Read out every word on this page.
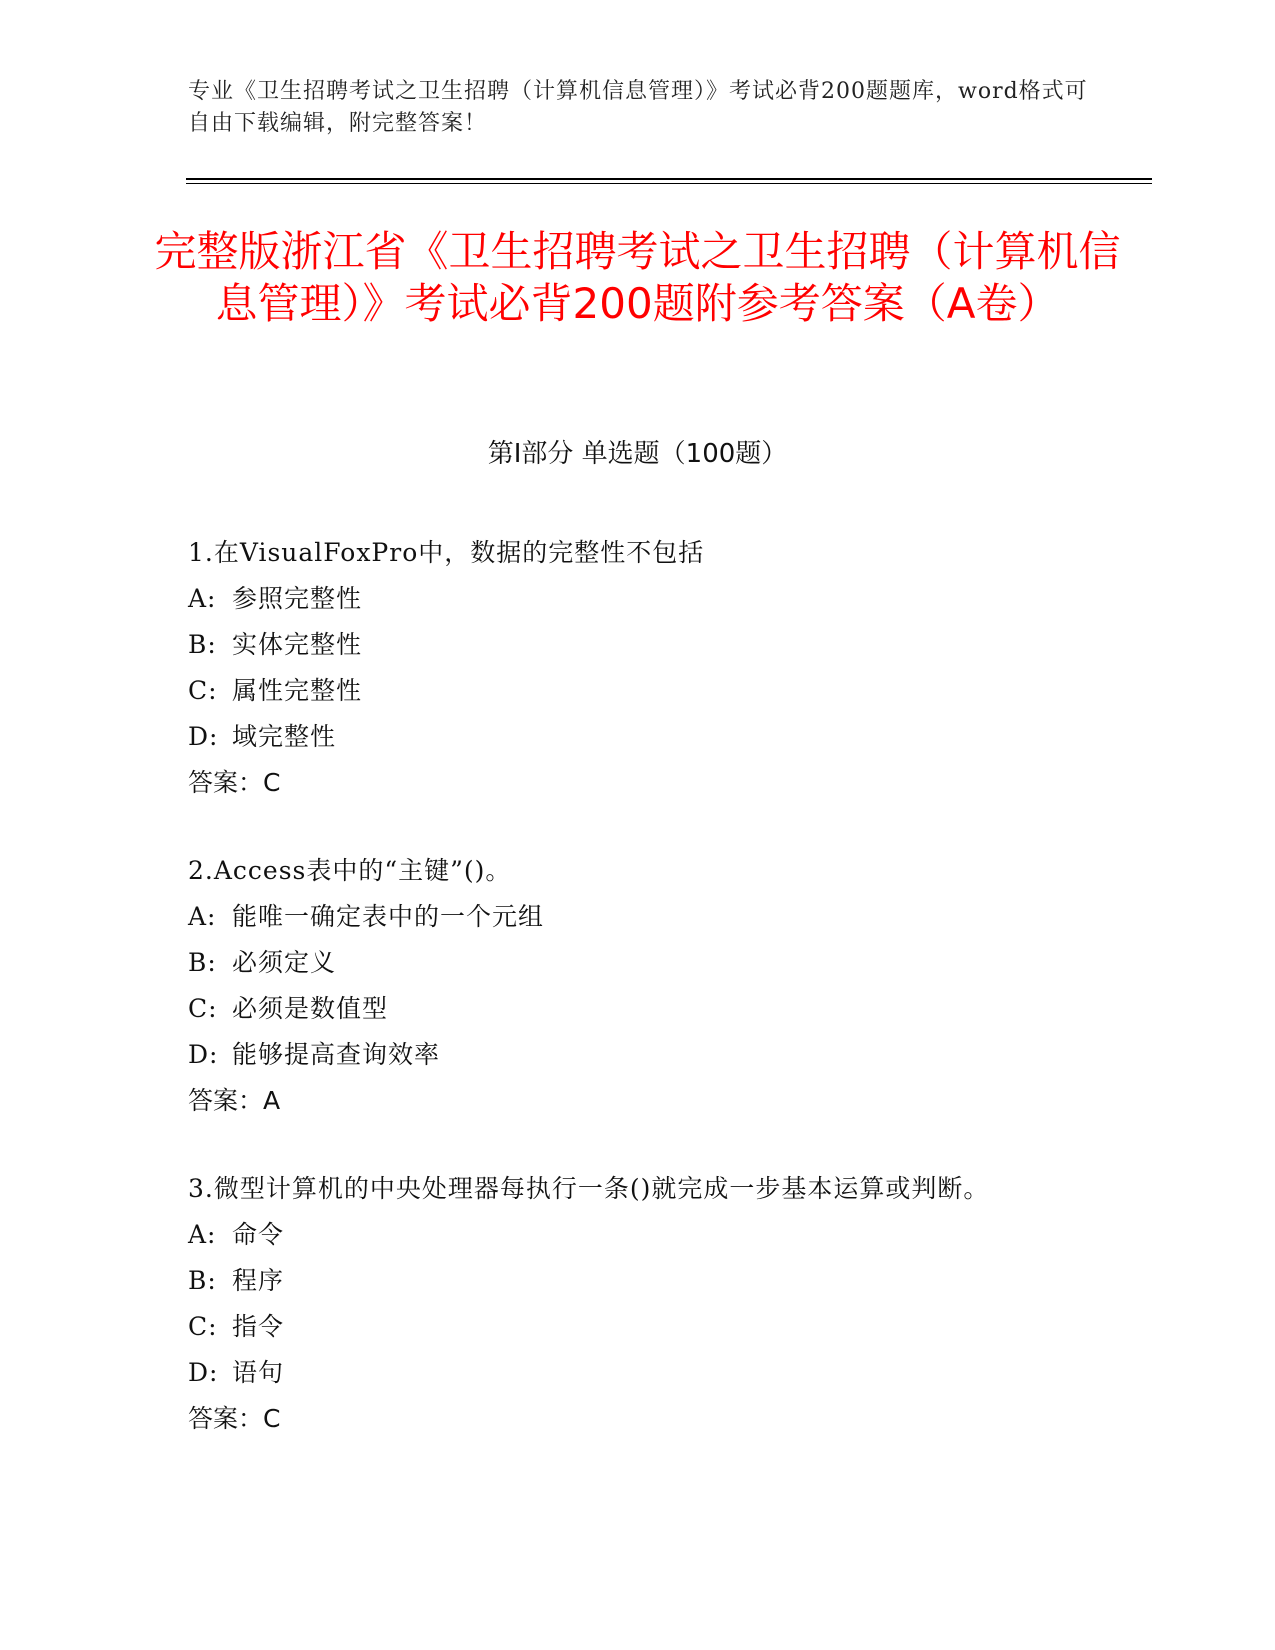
专业《卫生招聘考试之卫生招聘（计算机信息管理）》考试必背200题题库，word格式可自由下载编辑，附完整答案！
完整版浙江省《卫生招聘考试之卫生招聘（计算机信息管理）》考试必背200题附参考答案（A卷）
第Ⅰ部分 单选题（100题）
1.在VisualFoxPro中，数据的完整性不包括
A: 参照完整性
B: 实体完整性
C: 属性完整性
D: 域完整性
答案：C
2.Access表中的“主键”()。
A: 能唯一确定表中的一个元组
B: 必须定义
C: 必须是数值型
D: 能够提高查询效率
答案：A
3.微型计算机的中央处理器每执行一条()就完成一步基本运算或判断。
A: 命令
B: 程序
C: 指令
D: 语句
答案：C
